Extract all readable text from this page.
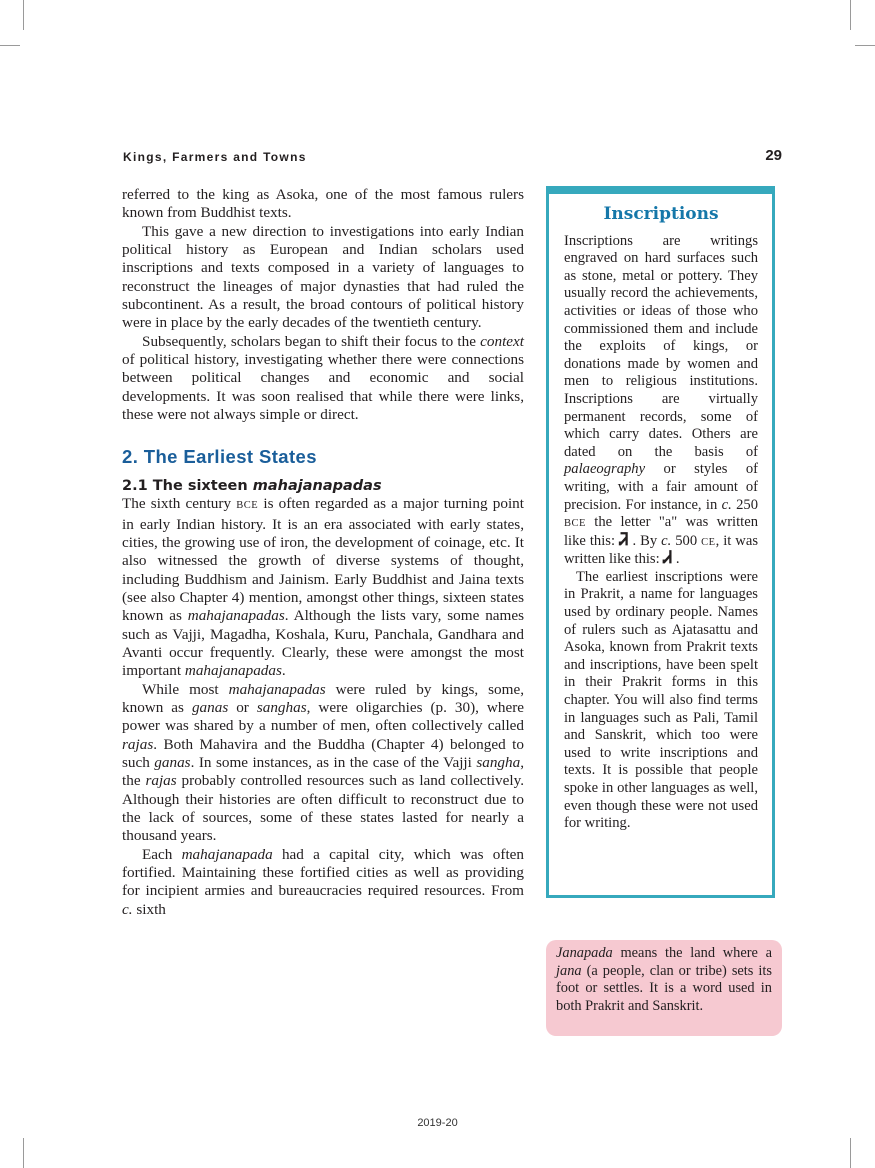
Kings, Farmers and Towns	29

referred to the king as Asoka, one of the most famous rulers known from Buddhist texts.

This gave a new direction to investigations into early Indian political history as European and Indian scholars used inscriptions and texts composed in a variety of languages to reconstruct the lineages of major dynasties that had ruled the subcontinent. As a result, the broad contours of political history were in place by the early decades of the twentieth century.

Subsequently, scholars began to shift their focus to the context of political history, investigating whether there were connections between political changes and economic and social developments. It was soon realised that while there were links, these were not always simple or direct.

2. The Earliest States

2.1 The sixteen mahajanapadas

The sixth century BCE is often regarded as a major turning point in early Indian history. It is an era associated with early states, cities, the growing use of iron, the development of coinage, etc. It also witnessed the growth of diverse systems of thought, including Buddhism and Jainism. Early Buddhist and Jaina texts (see also Chapter 4) mention, amongst other things, sixteen states known as mahajanapadas. Although the lists vary, some names such as Vajji, Magadha, Koshala, Kuru, Panchala, Gandhara and Avanti occur frequently. Clearly, these were amongst the most important mahajanapadas.

While most mahajanapadas were ruled by kings, some, known as ganas or sanghas, were oligarchies (p. 30), where power was shared by a number of men, often collectively called rajas. Both Mahavira and the Buddha (Chapter 4) belonged to such ganas. In some instances, as in the case of the Vajji sangha, the rajas probably controlled resources such as land collectively. Although their histories are often difficult to reconstruct due to the lack of sources, some of these states lasted for nearly a thousand years.

Each mahajanapada had a capital city, which was often fortified. Maintaining these fortified cities as well as providing for incipient armies and bureaucracies required resources. From c. sixth

Inscriptions

Inscriptions are writings engraved on hard surfaces such as stone, metal or pottery. They usually record the achievements, activities or ideas of those who commissioned them and include the exploits of kings, or donations made by women and men to religious institutions. Inscriptions are virtually permanent records, some of which carry dates. Others are dated on the basis of palaeography or styles of writing, with a fair amount of precision. For instance, in c. 250 BCE the letter "a" was written like this: Ꮨ . By c. 500 CE, it was written like this: Ꮧ .

The earliest inscriptions were in Prakrit, a name for languages used by ordinary people. Names of rulers such as Ajatasattu and Asoka, known from Prakrit texts and inscriptions, have been spelt in their Prakrit forms in this chapter. You will also find terms in languages such as Pali, Tamil and Sanskrit, which too were used to write inscriptions and texts. It is possible that people spoke in other languages as well, even though these were not used for writing.

Janapada means the land where a jana (a people, clan or tribe) sets its foot or settles. It is a word used in both Prakrit and Sanskrit.

2019-20
